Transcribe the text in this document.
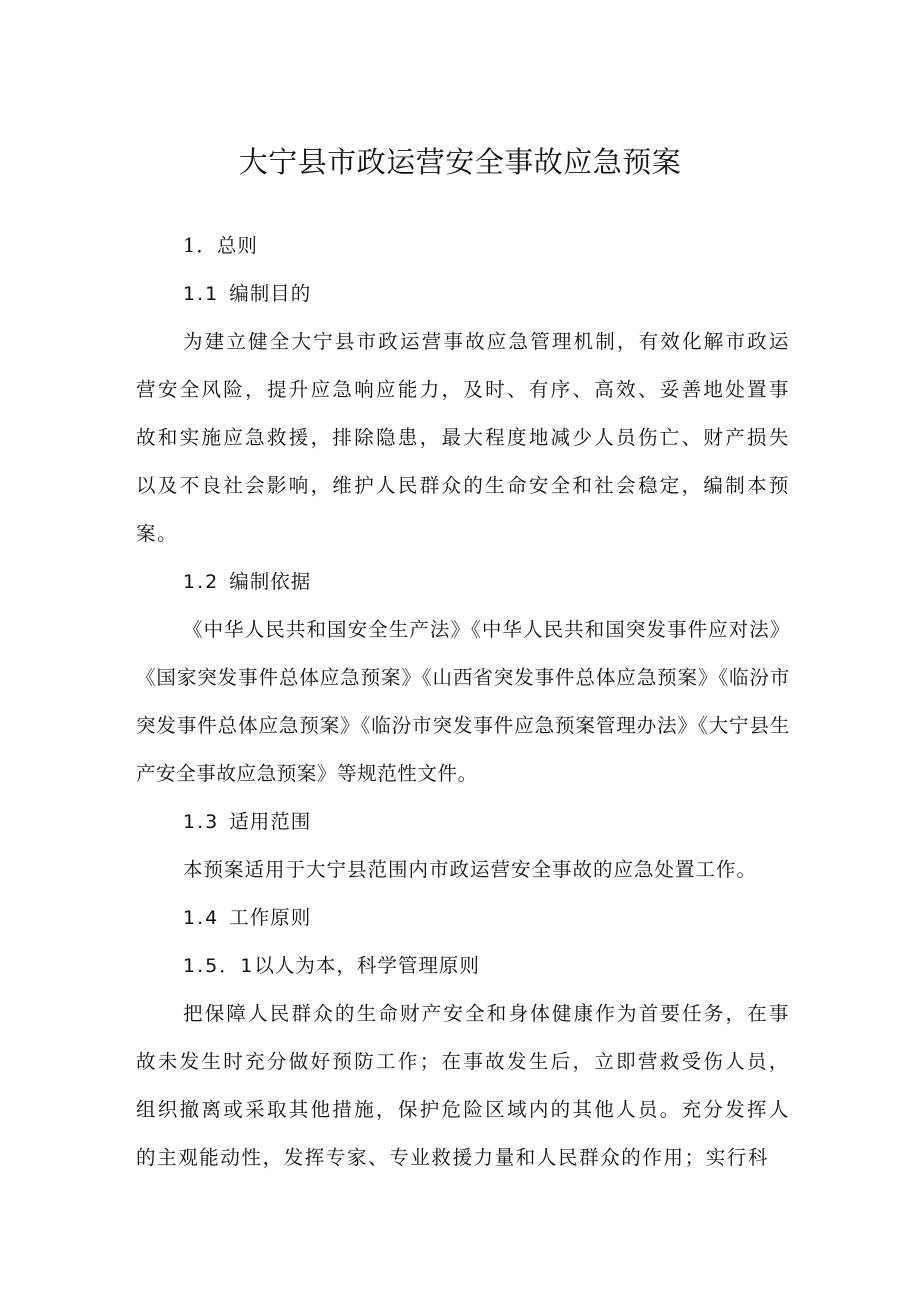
大宁县市政运营安全事故应急预案

1．总则

1.1 编制目的

为建立健全大宁县市政运营事故应急管理机制，有效化解市政运营安全风险，提升应急响应能力，及时、有序、高效、妥善地处置事故和实施应急救援，排除隐患，最大程度地减少人员伤亡、财产损失以及不良社会影响，维护人民群众的生命安全和社会稳定，编制本预案。

1.2 编制依据

《中华人民共和国安全生产法》《中华人民共和国突发事件应对法》《国家突发事件总体应急预案》《山西省突发事件总体应急预案》《临汾市突发事件总体应急预案》《临汾市突发事件应急预案管理办法》《大宁县生产安全事故应急预案》等规范性文件。

1.3 适用范围

本预案适用于大宁县范围内市政运营安全事故的应急处置工作。

1.4 工作原则

1.5．1以人为本，科学管理原则

把保障人民群众的生命财产安全和身体健康作为首要任务，在事故未发生时充分做好预防工作；在事故发生后，立即营救受伤人员，组织撤离或采取其他措施，保护危险区域内的其他人员。充分发挥人的主观能动性，发挥专家、专业救援力量和人民群众的作用；实行科
